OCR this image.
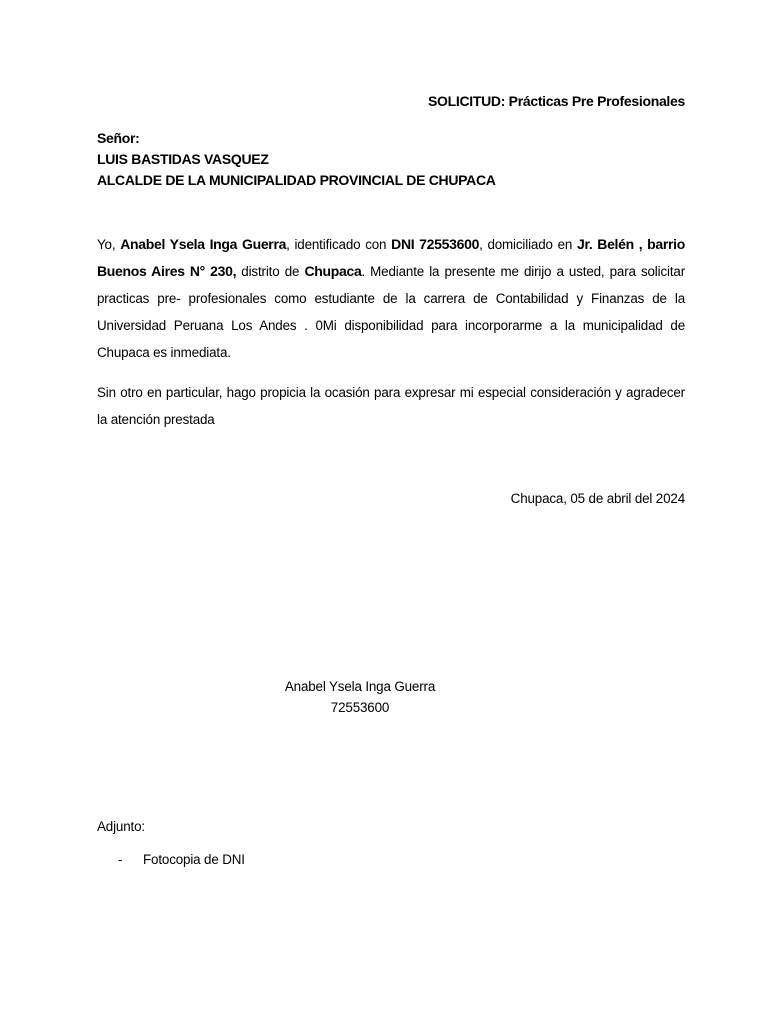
SOLICITUD: Prácticas Pre Profesionales
Señor:
LUIS BASTIDAS VASQUEZ
ALCALDE DE LA MUNICIPALIDAD PROVINCIAL DE CHUPACA
Yo, Anabel Ysela Inga Guerra, identificado con DNI 72553600, domiciliado en Jr. Belén , barrio Buenos Aires N° 230, distrito de Chupaca. Mediante la presente me dirijo a usted, para solicitar practicas pre- profesionales como estudiante de la carrera de Contabilidad y Finanzas de la Universidad Peruana Los Andes . 0Mi disponibilidad para incorporarme a la municipalidad de Chupaca es inmediata.
Sin otro en particular, hago propicia la ocasión para expresar mi especial consideración y agradecer la atención prestada
Chupaca, 05 de abril del 2024
Anabel Ysela Inga Guerra
72553600
Adjunto:
-	Fotocopia de DNI
